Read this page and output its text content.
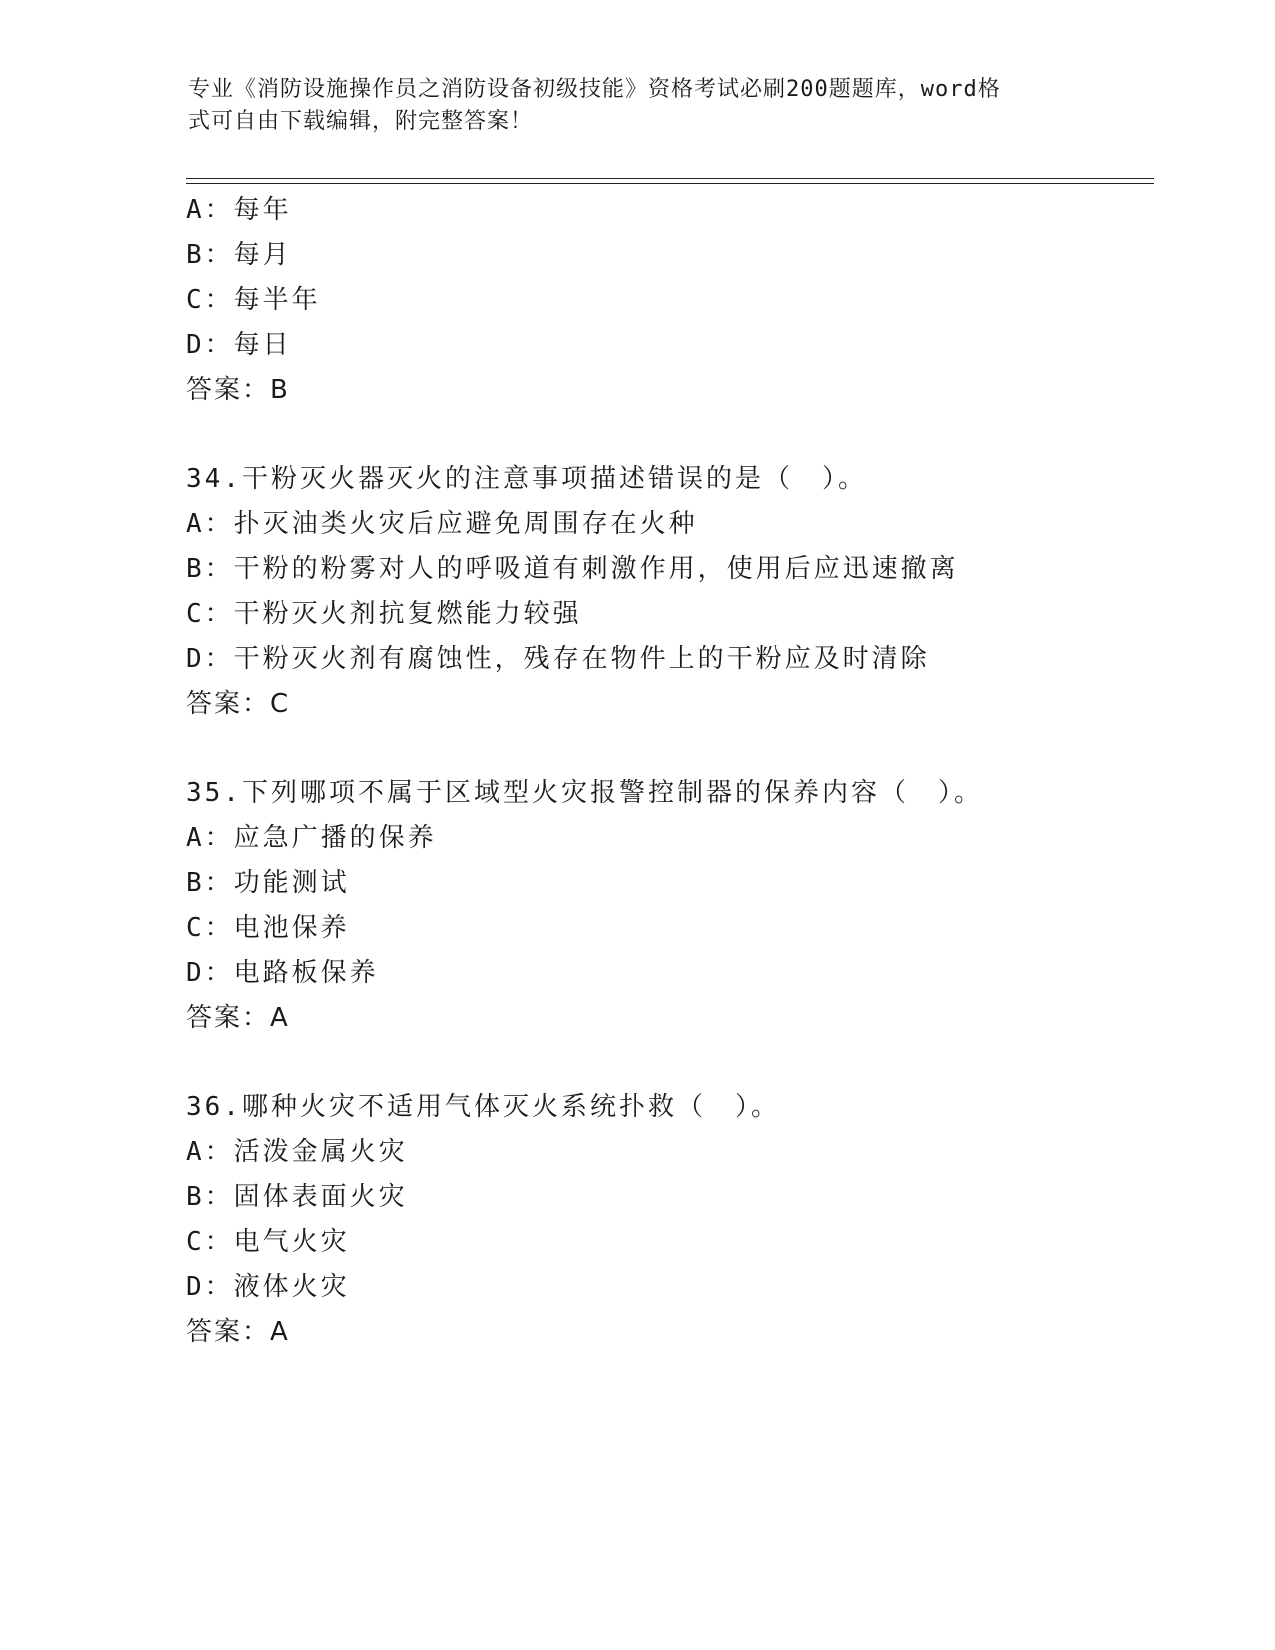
专业《消防设施操作员之消防设备初级技能》资格考试必刷200题题库，word格
式可自由下载编辑，附完整答案！
A：每年
B：每月
C：每半年
D：每日
答案：B
34.干粉灭火器灭火的注意事项描述错误的是（　）。
A：扑灭油类火灾后应避免周围存在火种
B：干粉的粉雾对人的呼吸道有刺激作用，使用后应迅速撤离
C：干粉灭火剂抗复燃能力较强
D：干粉灭火剂有腐蚀性，残存在物件上的干粉应及时清除
答案：C
35.下列哪项不属于区域型火灾报警控制器的保养内容（　）。
A：应急广播的保养
B：功能测试
C：电池保养
D：电路板保养
答案：A
36.哪种火灾不适用气体灭火系统扑救（　）。
A：活泼金属火灾
B：固体表面火灾
C：电气火灾
D：液体火灾
答案：A
